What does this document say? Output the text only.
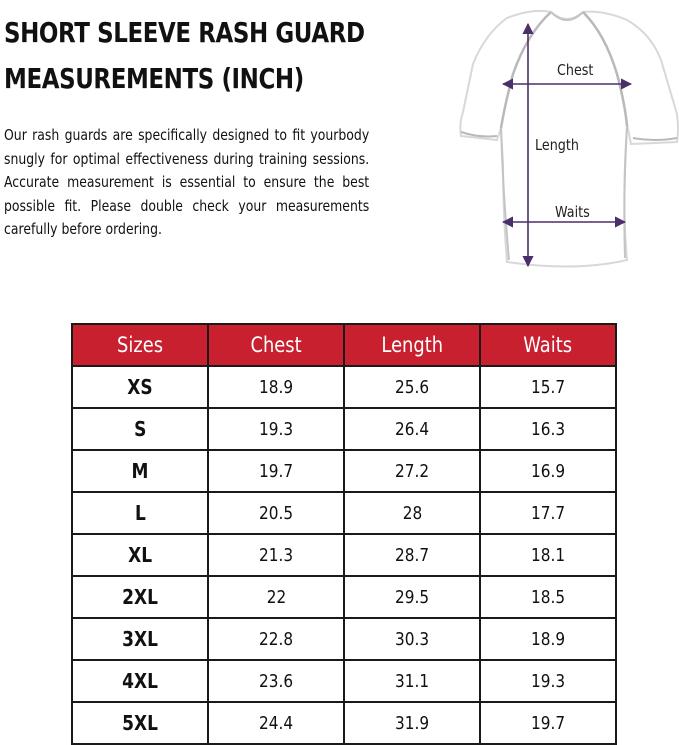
SHORT SLEEVE RASH GUARD
MEASUREMENTS (INCH)

Our rash guards are specifically designed to fit yourbody snugly for optimal effectiveness during training sessions. Accurate measurement is essential to ensure the best possible fit. Please double check your measurements carefully before ordering.

Chest
Length
Waits
Sizes	Chest	Length	Waits
XS	18.9	25.6	15.7
S	19.3	26.4	16.3
M	19.7	27.2	16.9
L	20.5	28	17.7
XL	21.3	28.7	18.1
2XL	22	29.5	18.5
3XL	22.8	30.3	18.9
4XL	23.6	31.1	19.3
5XL	24.4	31.9	19.7
